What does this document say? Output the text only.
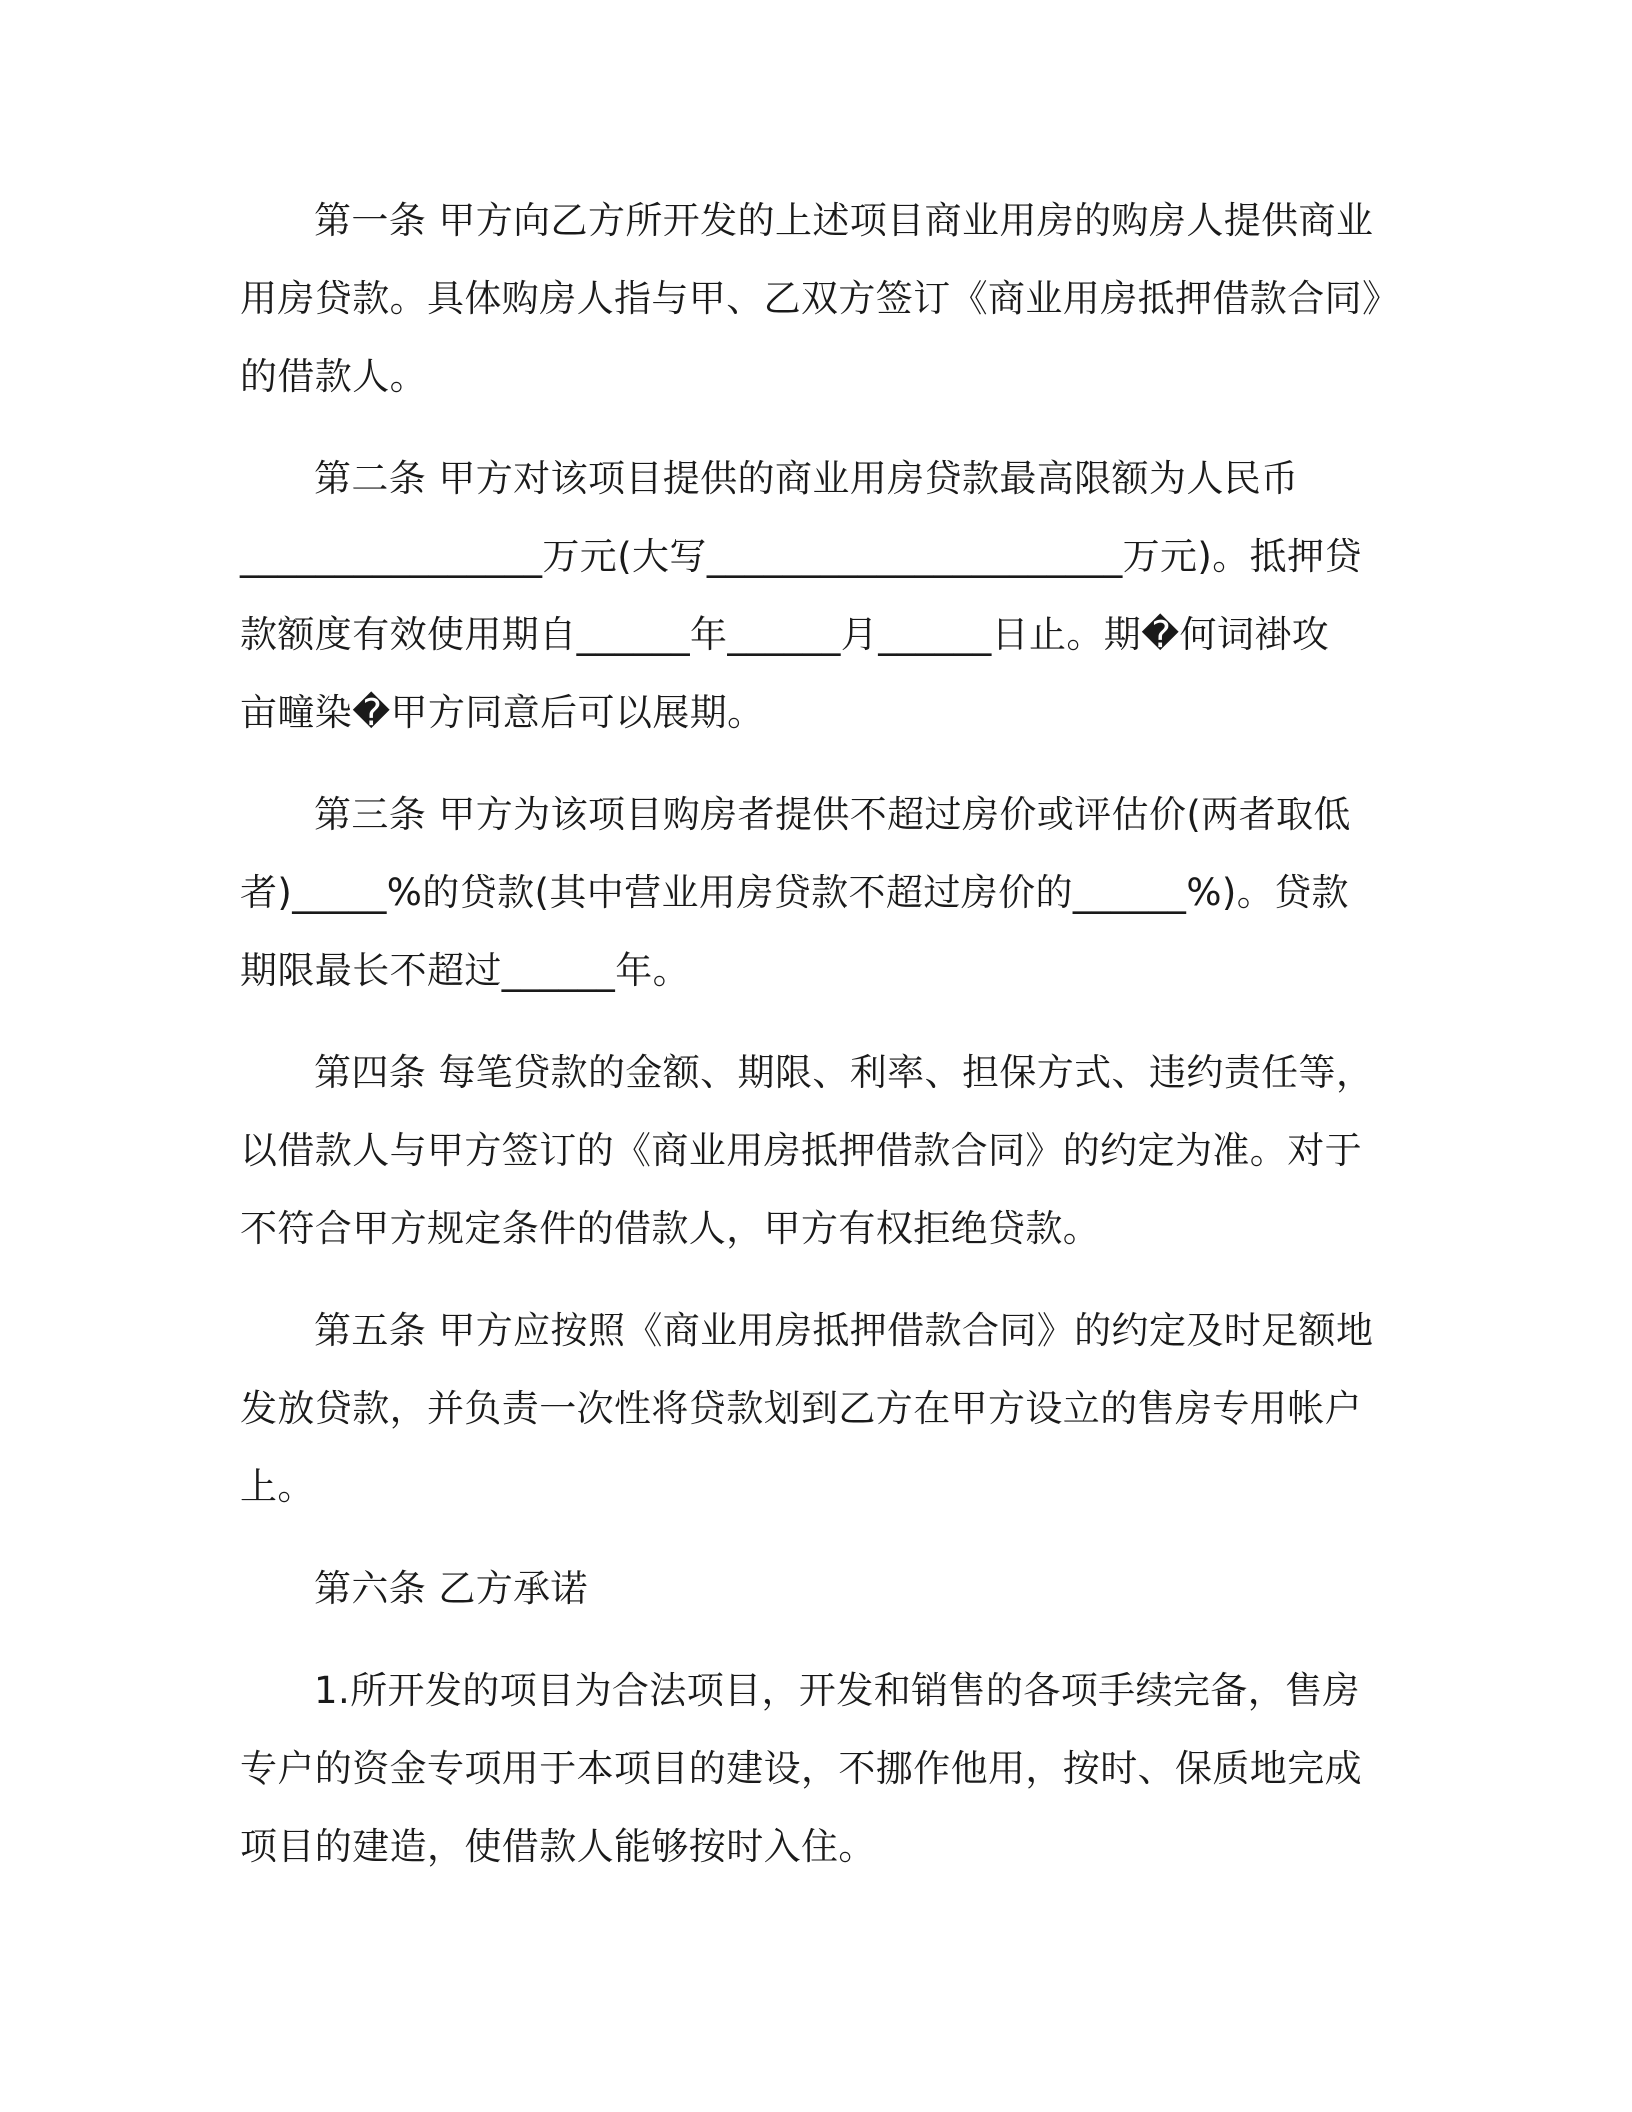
第一条 甲方向乙方所开发的上述项目商业用房的购房人提供商业
用房贷款。具体购房人指与甲、乙双方签订《商业用房抵押借款合同》
的借款人。
第二条 甲方对该项目提供的商业用房贷款最高限额为人民币
________________万元(大写______________________万元)。抵押贷
款额度有效使用期自______年______月______日止。期�何词褂攻
亩疃染�甲方同意后可以展期。
第三条 甲方为该项目购房者提供不超过房价或评估价(两者取低
者)_____%的贷款(其中营业用房贷款不超过房价的______%)。贷款
期限最长不超过______年。
第四条 每笔贷款的金额、期限、利率、担保方式、违约责任等，
以借款人与甲方签订的《商业用房抵押借款合同》的约定为准。对于
不符合甲方规定条件的借款人，甲方有权拒绝贷款。
第五条 甲方应按照《商业用房抵押借款合同》的约定及时足额地
发放贷款，并负责一次性将贷款划到乙方在甲方设立的售房专用帐户
上。
第六条 乙方承诺
1.所开发的项目为合法项目，开发和销售的各项手续完备，售房
专户的资金专项用于本项目的建设，不挪作他用，按时、保质地完成
项目的建造，使借款人能够按时入住。
